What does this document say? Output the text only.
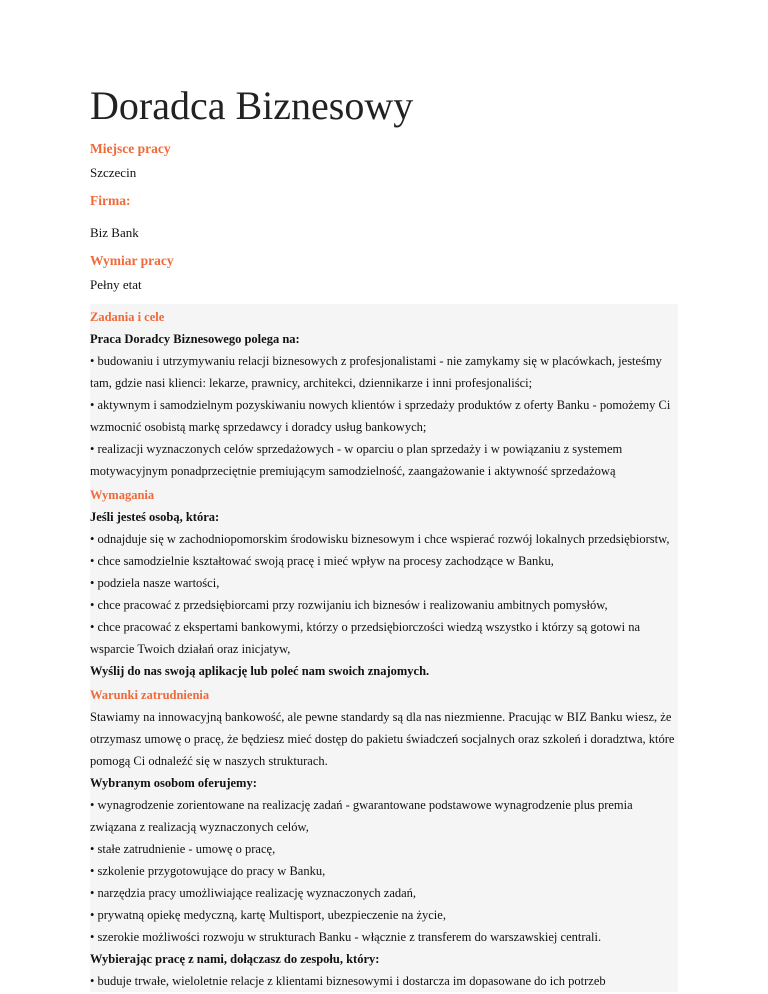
Doradca Biznesowy

Miejsce pracy

Szczecin

Firma:

Biz Bank

Wymiar pracy

Pełny etat

Zadania i cele

Praca Doradcy Biznesowego polega na:

• budowaniu i utrzymywaniu relacji biznesowych z profesjonalistami - nie zamykamy się w placówkach, jesteśmy tam, gdzie nasi klienci: lekarze, prawnicy, architekci, dziennikarze i inni profesjonaliści;

• aktywnym i samodzielnym pozyskiwaniu nowych klientów i sprzedaży produktów z oferty Banku - pomożemy Ci wzmocnić osobistą markę sprzedawcy i doradcy usług bankowych;

• realizacji wyznaczonych celów sprzedażowych - w oparciu o plan sprzedaży i w powiązaniu z systemem motywacyjnym ponadprzeciętnie premiującym samodzielność, zaangażowanie i aktywność sprzedażową

Wymagania

Jeśli jesteś osobą, która:

• odnajduje się w zachodniopomorskim środowisku biznesowym i chce wspierać rozwój lokalnych przedsiębiorstw,

• chce samodzielnie kształtować swoją pracę i mieć wpływ na procesy zachodzące w Banku,

• podziela nasze wartości,

• chce pracować z przedsiębiorcami przy rozwijaniu ich biznesów i realizowaniu ambitnych pomysłów,

• chce pracować z ekspertami bankowymi, którzy o przedsiębiorczości wiedzą wszystko i którzy są gotowi na wsparcie Twoich działań oraz inicjatyw,

Wyślij do nas swoją aplikację lub poleć nam swoich znajomych.

Warunki zatrudnienia

Stawiamy na innowacyjną bankowość, ale pewne standardy są dla nas niezmienne. Pracując w BIZ Banku wiesz, że otrzymasz umowę o pracę, że będziesz mieć dostęp do pakietu świadczeń socjalnych oraz szkoleń i doradztwa, które pomogą Ci odnaleźć się w naszych strukturach.

Wybranym osobom oferujemy:

• wynagrodzenie zorientowane na realizację zadań - gwarantowane podstawowe wynagrodzenie plus premia związana z realizacją wyznaczonych celów,

• stałe zatrudnienie - umowę o pracę,

• szkolenie przygotowujące do pracy w Banku,

• narzędzia pracy umożliwiające realizację wyznaczonych zadań,

• prywatną opiekę medyczną, kartę Multisport, ubezpieczenie na życie,

• szerokie możliwości rozwoju w strukturach Banku - włącznie z transferem do warszawskiej centrali.

Wybierając pracę z nami, dołączasz do zespołu, który:

• buduje trwałe, wieloletnie relacje z klientami biznesowymi i dostarcza im dopasowane do ich potrzeb
